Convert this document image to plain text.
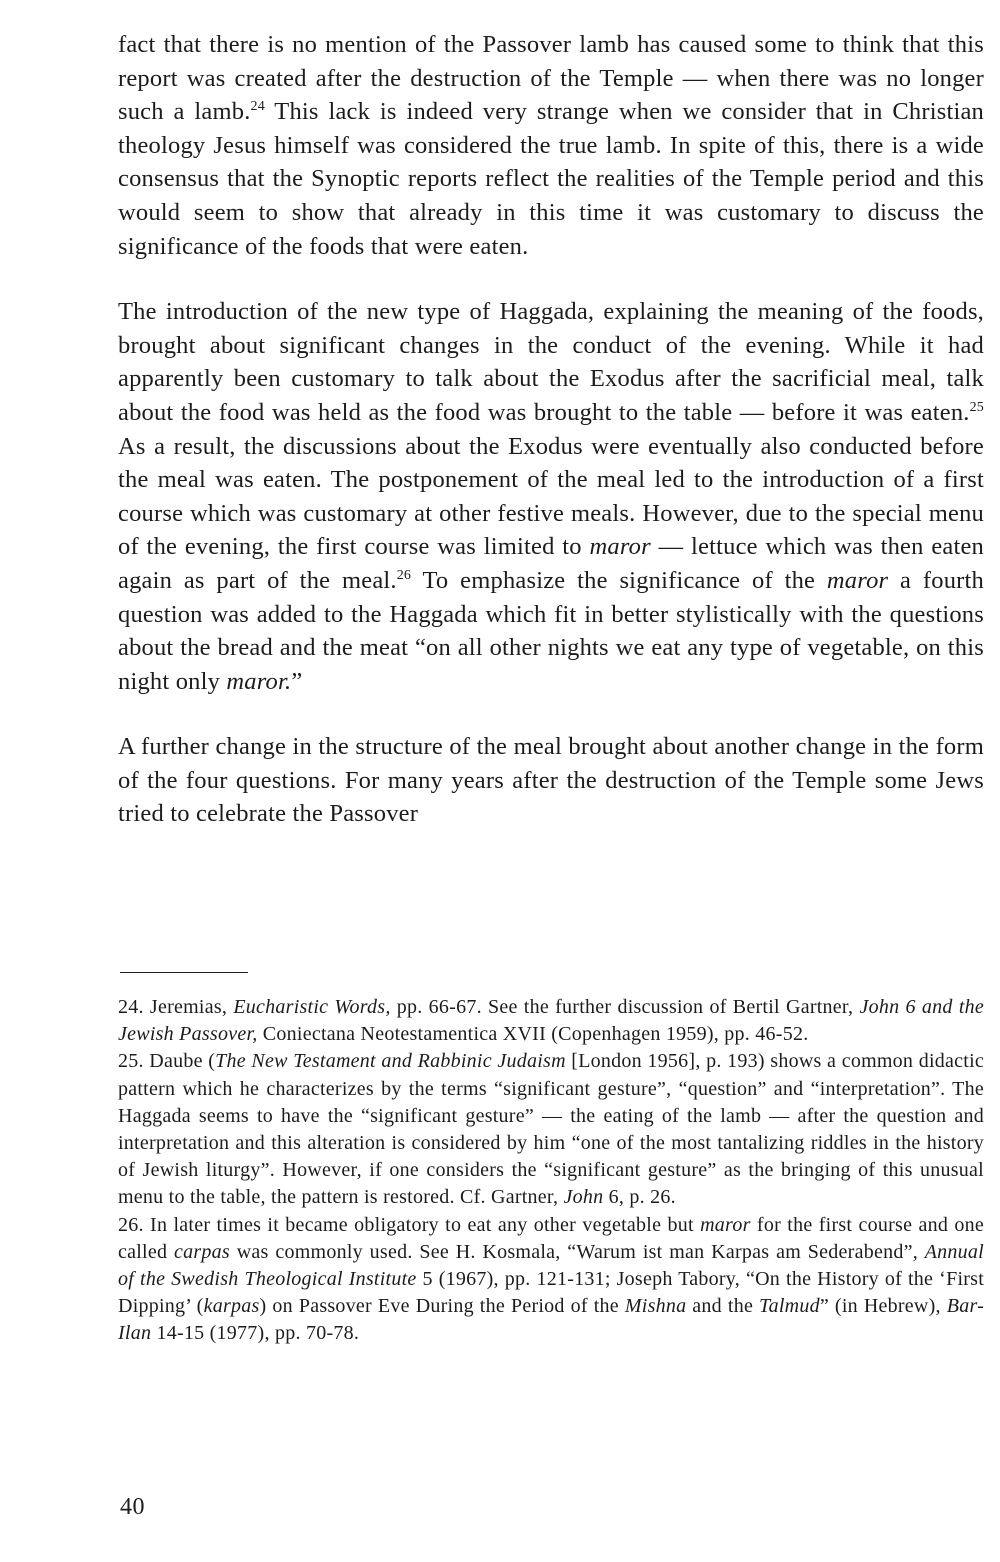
fact that there is no mention of the Passover lamb has caused some to think that this report was created after the destruction of the Temple — when there was no longer such a lamb.$^{24}$ This lack is indeed very strange when we consider that in Christian theology Jesus himself was considered the true lamb. In spite of this, there is a wide consensus that the Synoptic reports reflect the realities of the Temple period and this would seem to show that already in this time it was customary to discuss the significance of the foods that were eaten.

The introduction of the new type of Haggada, explaining the meaning of the foods, brought about significant changes in the conduct of the evening. While it had apparently been customary to talk about the Exodus after the sacrificial meal, talk about the food was held as the food was brought to the table — before it was eaten.$^{25}$ As a result, the discussions about the Exodus were eventually also conducted before the meal was eaten. The postponement of the meal led to the introduction of a first course which was customary at other festive meals. However, due to the special menu of the evening, the first course was limited to maror — lettuce which was then eaten again as part of the meal.$^{26}$ To emphasize the significance of the maror a fourth question was added to the Haggada which fit in better stylistically with the questions about the bread and the meat “on all other nights we eat any type of vegetable, on this night only maror.”

A further change in the structure of the meal brought about another change in the form of the four questions. For many years after the destruction of the Temple some Jews tried to celebrate the Passover

24. Jeremias, Eucharistic Words, pp. 66-67. See the further discussion of Bertil Gartner, John 6 and the Jewish Passover, Coniectana Neotestamentica XVII (Copenhagen 1959), pp. 46-52.

25. Daube (The New Testament and Rabbinic Judaism [London 1956], p. 193) shows a common didactic pattern which he characterizes by the terms “significant gesture”, “question” and “interpretation”. The Haggada seems to have the “significant gesture” — the eating of the lamb — after the question and interpretation and this alteration is considered by him “one of the most tantalizing riddles in the history of Jewish liturgy”. However, if one considers the “significant gesture” as the bringing of this unusual menu to the table, the pattern is restored. Cf. Gartner, John 6, p. 26.

26. In later times it became obligatory to eat any other vegetable but maror for the first course and one called carpas was commonly used. See H. Kosmala, “Warum ist man Karpas am Sederabend”, Annual of the Swedish Theological Institute 5 (1967), pp. 121-131; Joseph Tabory, “On the History of the ‘First Dipping’ (karpas) on Passover Eve During the Period of the Mishna and the Talmud” (in Hebrew), Bar-Ilan 14-15 (1977), pp. 70-78.

40
